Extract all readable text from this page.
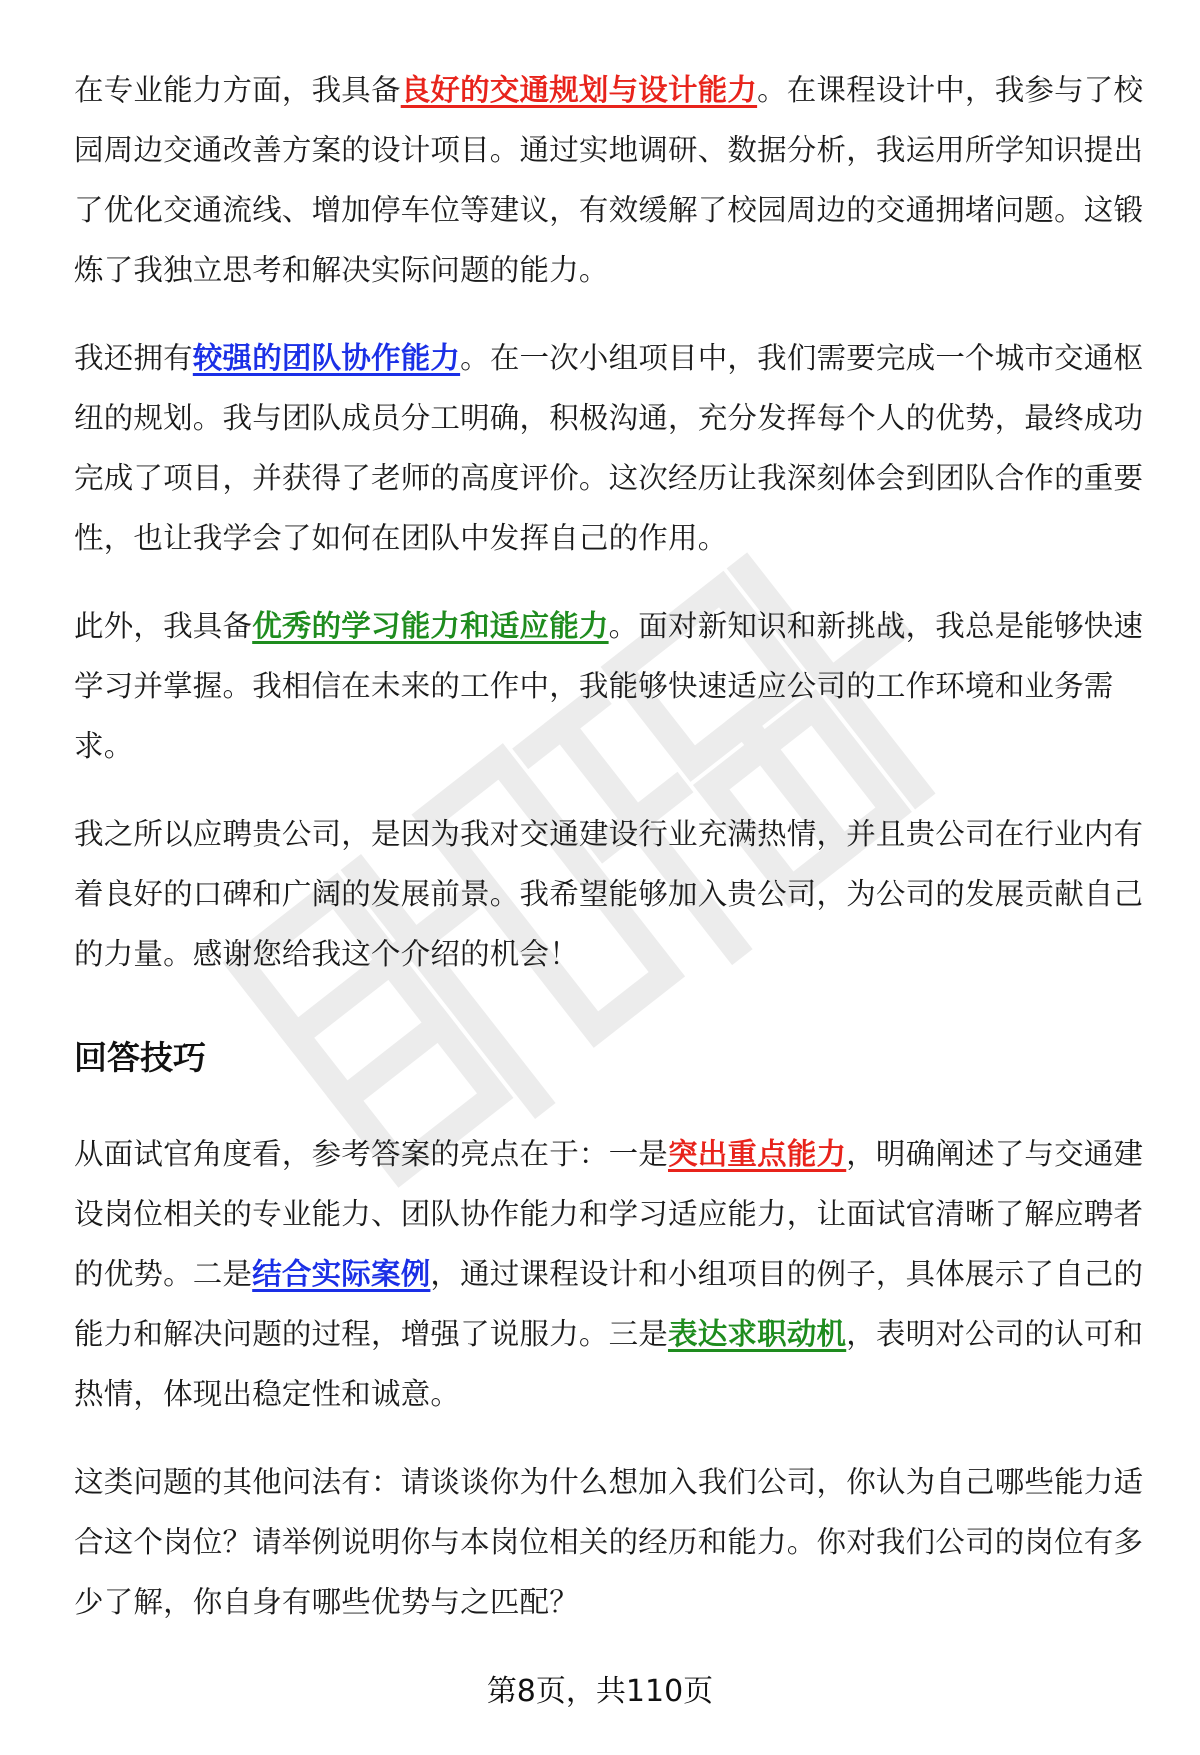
在专业能力方面，我具备良好的交通规划与设计能力。在课程设计中，我参与了校园周边交通改善方案的设计项目。通过实地调研、数据分析，我运用所学知识提出了优化交通流线、增加停车位等建议，有效缓解了校园周边的交通拥堵问题。这锻炼了我独立思考和解决实际问题的能力。

我还拥有较强的团队协作能力。在一次小组项目中，我们需要完成一个城市交通枢纽的规划。我与团队成员分工明确，积极沟通，充分发挥每个人的优势，最终成功完成了项目，并获得了老师的高度评价。这次经历让我深刻体会到团队合作的重要性，也让我学会了如何在团队中发挥自己的作用。

此外，我具备优秀的学习能力和适应能力。面对新知识和新挑战，我总是能够快速学习并掌握。我相信在未来的工作中，我能够快速适应公司的工作环境和业务需求。

我之所以应聘贵公司，是因为我对交通建设行业充满热情，并且贵公司在行业内有着良好的口碑和广阔的发展前景。我希望能够加入贵公司，为公司的发展贡献自己的力量。感谢您给我这个介绍的机会！

回答技巧

从面试官角度看，参考答案的亮点在于：一是突出重点能力，明确阐述了与交通建设岗位相关的专业能力、团队协作能力和学习适应能力，让面试官清晰了解应聘者的优势。二是结合实际案例，通过课程设计和小组项目的例子，具体展示了自己的能力和解决问题的过程，增强了说服力。三是表达求职动机，表明对公司的认可和热情，体现出稳定性和诚意。

这类问题的其他问法有：请谈谈你为什么想加入我们公司，你认为自己哪些能力适合这个岗位？请举例说明你与本岗位相关的经历和能力。你对我们公司的岗位有多少了解，你自身有哪些优势与之匹配？

第8页，共110页
